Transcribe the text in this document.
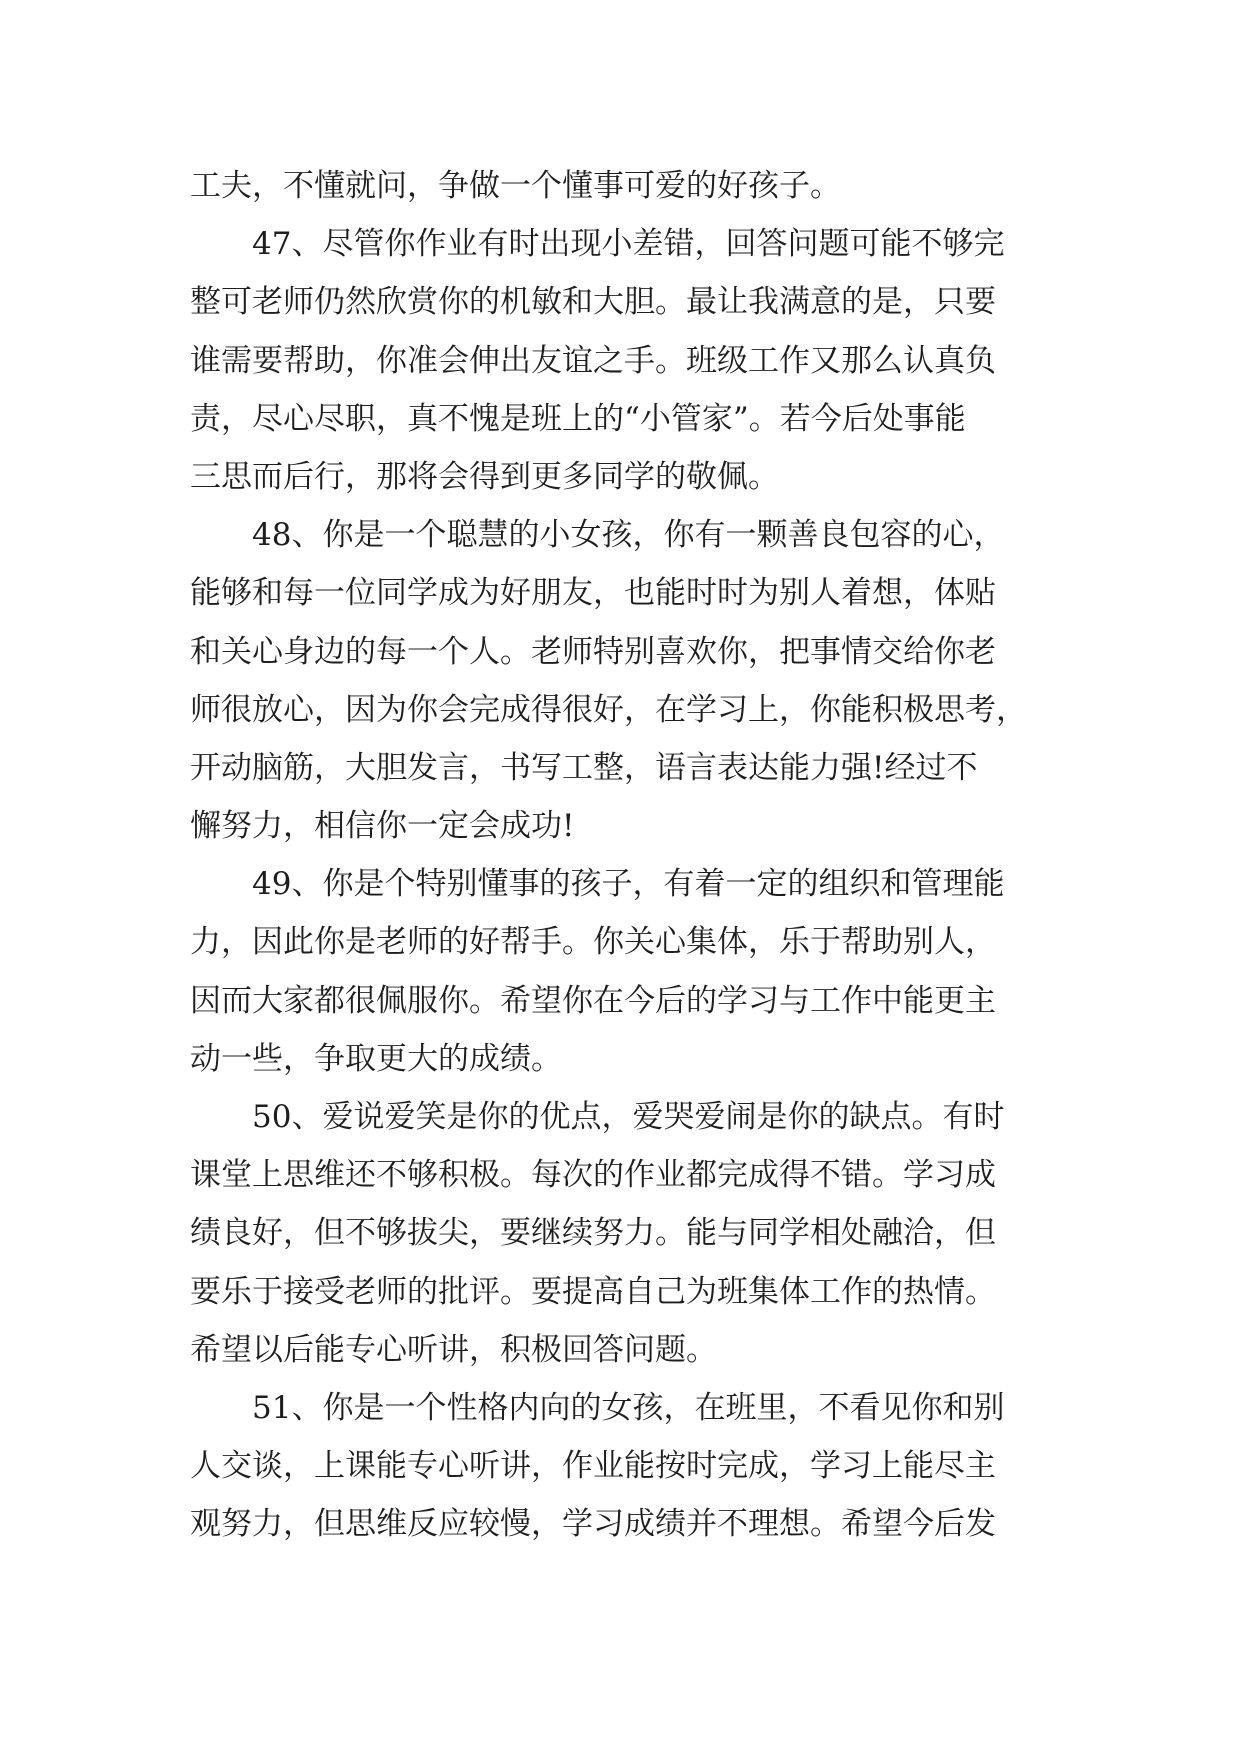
工夫，不懂就问，争做一个懂事可爱的好孩子。
47、尽管你作业有时出现小差错，回答问题可能不够完
整可老师仍然欣赏你的机敏和大胆。最让我满意的是，只要
谁需要帮助，你准会伸出友谊之手。班级工作又那么认真负
责，尽心尽职，真不愧是班上的“小管家”。若今后处事能
三思而后行，那将会得到更多同学的敬佩。
48、你是一个聪慧的小女孩，你有一颗善良包容的心，
能够和每一位同学成为好朋友，也能时时为别人着想，体贴
和关心身边的每一个人。老师特别喜欢你，把事情交给你老
师很放心，因为你会完成得很好，在学习上，你能积极思考，
开动脑筋，大胆发言，书写工整，语言表达能力强!经过不
懈努力，相信你一定会成功!
49、你是个特别懂事的孩子，有着一定的组织和管理能
力，因此你是老师的好帮手。你关心集体，乐于帮助别人，
因而大家都很佩服你。希望你在今后的学习与工作中能更主
动一些，争取更大的成绩。
50、爱说爱笑是你的优点，爱哭爱闹是你的缺点。有时
课堂上思维还不够积极。每次的作业都完成得不错。学习成
绩良好，但不够拔尖，要继续努力。能与同学相处融洽，但
要乐于接受老师的批评。要提高自己为班集体工作的热情。
希望以后能专心听讲，积极回答问题。
51、你是一个性格内向的女孩，在班里，不看见你和别
人交谈，上课能专心听讲，作业能按时完成，学习上能尽主
观努力，但思维反应较慢，学习成绩并不理想。希望今后发
